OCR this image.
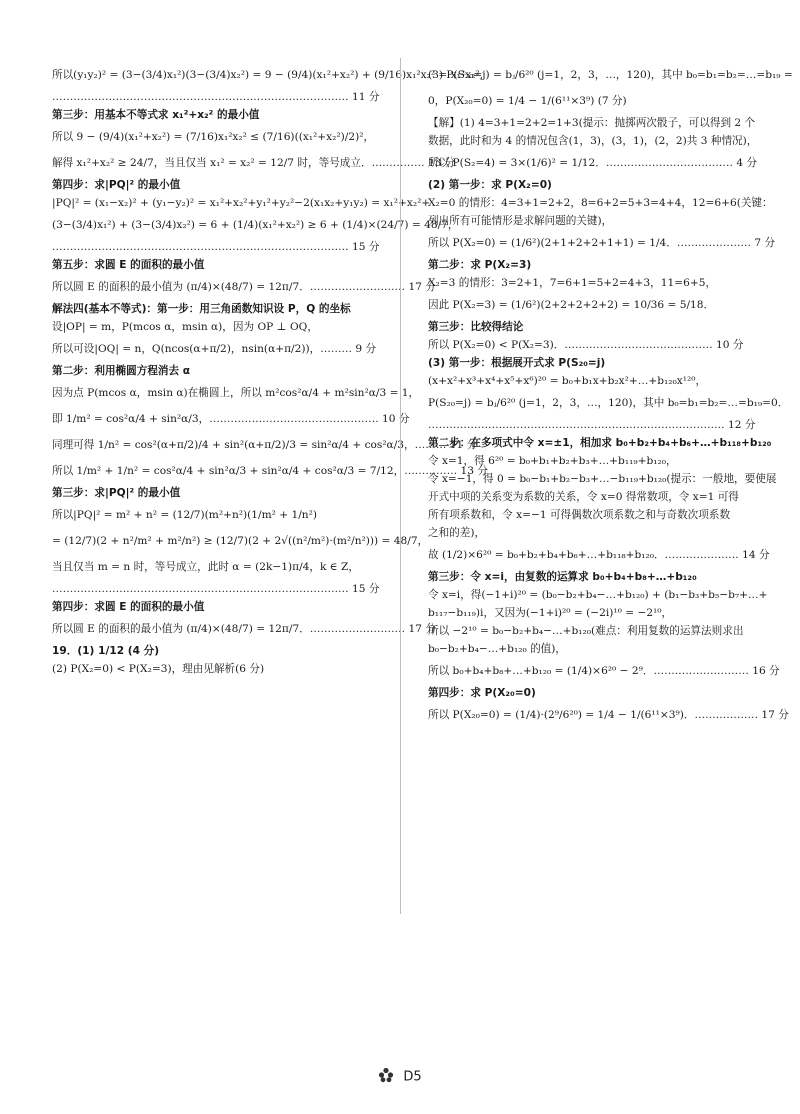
所以(y₁y₂)² = (3−(3/4)x₁²)(3−(3/4)x₂²) = 9 − (9/4)(x₁²+x₂²) + (9/16)x₁²x₂² = x₁²x₂²,
………………………………………………………………………… 11 分
第三步：用基本不等式求 x₁²+x₂² 的最小值
所以 9 − (9/4)(x₁²+x₂²) = (7/16)x₁²x₂² ≤ (7/16)((x₁²+x₂²)/2)²，
解得 x₁²+x₂² ≥ 24/7，当且仅当 x₁² = x₂² = 12/7 时，等号成立．…………… 13 分
第四步：求|PQ|² 的最小值
|PQ|² = (x₁−x₂)² + (y₁−y₂)² = x₁²+x₂²+y₁²+y₂²−2(x₁x₂+y₁y₂) = x₁²+x₂²+
(3−(3/4)x₁²) + (3−(3/4)x₂²) = 6 + (1/4)(x₁²+x₂²) ≥ 6 + (1/4)×(24/7) = 48/7，
………………………………………………………………………… 15 分
第五步：求圆 E 的面积的最小值
所以圆 E 的面积的最小值为 (π/4)×(48/7) = 12π/7．……………………… 17 分
解法四(基本不等式)：第一步：用三角函数知识设 P，Q 的坐标
设|OP| = m，P(mcos α，msin α)，因为 OP ⊥ OQ，
所以可设|OQ| = n，Q(ncos(α+π/2)，nsin(α+π/2))，……… 9 分
第二步：利用椭圆方程消去 α
因为点 P(mcos α，msin α)在椭圆上，所以 m²cos²α/4 + m²sin²α/3 = 1，
即 1/m² = cos²α/4 + sin²α/3，………………………………………… 10 分
同理可得 1/n² = cos²(α+π/2)/4 + sin²(α+π/2)/3 = sin²α/4 + cos²α/3，……… 11 分
所以 1/m² + 1/n² = cos²α/4 + sin²α/3 + sin²α/4 + cos²α/3 = 7/12，…………… 13 分
第三步：求|PQ|² 的最小值
所以|PQ|² = m² + n² = (12/7)(m²+n²)(1/m² + 1/n²)
= (12/7)(2 + n²/m² + m²/n²) ≥ (12/7)(2 + 2√((n²/m²)·(m²/n²))) = 48/7，
当且仅当 m = n 时，等号成立，此时 α = (2k−1)π/4，k ∈ Z，
………………………………………………………………………… 15 分
第四步：求圆 E 的面积的最小值
所以圆 E 的面积的最小值为 (π/4)×(48/7) = 12π/7．……………………… 17 分
19．(1) 1/12 (4 分)
(2) P(X₂=0) < P(X₂=3)，理由见解析(6 分)
(3) P(S₂₀=j) = bⱼ/6²⁰ (j=1，2，3，…，120)，其中 b₀=b₁=b₂=…=b₁₉ =
0，P(X₂₀=0) = 1/4 − 1/(6¹¹×3⁹) (7 分)
【解】(1) 4=3+1=2+2=1+3(提示：抛掷两次骰子，可以得到 2 个
数据，此时和为 4 的情况包含(1，3)，(3，1)，(2，2)共 3 种情况)，
所以 P(S₂=4) = 3×(1/6)² = 1/12．……………………………… 4 分
(2) 第一步：求 P(X₂=0)
X₂=0 的情形：4=3+1=2+2，8=6+2=5+3=4+4，12=6+6(关键：
列出所有可能情形是求解问题的关键)，
所以 P(X₂=0) = (1/6²)(2+1+2+2+1+1) = 1/4．………………… 7 分
第二步：求 P(X₂=3)
X₂=3 的情形：3=2+1，7=6+1=5+2=4+3，11=6+5，
因此 P(X₂=3) = (1/6²)(2+2+2+2+2) = 10/36 = 5/18．
第三步：比较得结论
所以 P(X₂=0) < P(X₂=3)．…………………………………… 10 分
(3) 第一步：根据展开式求 P(S₂₀=j)
(x+x²+x³+x⁴+x⁵+x⁶)²⁰ = b₀+b₁x+b₂x²+…+b₁₂₀x¹²⁰，
P(S₂₀=j) = bⱼ/6²⁰ (j=1，2，3，…，120)，其中 b₀=b₁=b₂=…=b₁₉=0．
………………………………………………………………………… 12 分
第二步：在多项式中令 x=±1，相加求 b₀+b₂+b₄+b₆+…+b₁₁₈+b₁₂₀
令 x=1，得 6²⁰ = b₀+b₁+b₂+b₃+…+b₁₁₉+b₁₂₀，
令 x=−1，得 0 = b₀−b₁+b₂−b₃+…−b₁₁₉+b₁₂₀(提示：一般地，要使展
开式中项的关系变为系数的关系，令 x=0 得常数项，令 x=1 可得
所有项系数和，令 x=−1 可得偶数次项系数之和与奇数次项系数
之和的差)，
故 (1/2)×6²⁰ = b₀+b₂+b₄+b₆+…+b₁₁₈+b₁₂₀．………………… 14 分
第三步：令 x=i，由复数的运算求 b₀+b₄+b₈+…+b₁₂₀
令 x=i，得(−1+i)²⁰ = (b₀−b₂+b₄−…+b₁₂₀) + (b₁−b₃+b₅−b₇+…+
b₁₁₇−b₁₁₉)i，又因为(−1+i)²⁰ = (−2i)¹⁰ = −2¹⁰，
所以 −2¹⁰ = b₀−b₂+b₄−…+b₁₂₀(难点：利用复数的运算法则求出
b₀−b₂+b₄−…+b₁₂₀ 的值)，
所以 b₀+b₄+b₈+…+b₁₂₀ = (1/4)×6²⁰ − 2⁹．……………………… 16 分
第四步：求 P(X₂₀=0)
所以 P(X₂₀=0) = (1/4)·(2⁹/6²⁰) = 1/4 − 1/(6¹¹×3⁹)．……………… 17 分
D5
